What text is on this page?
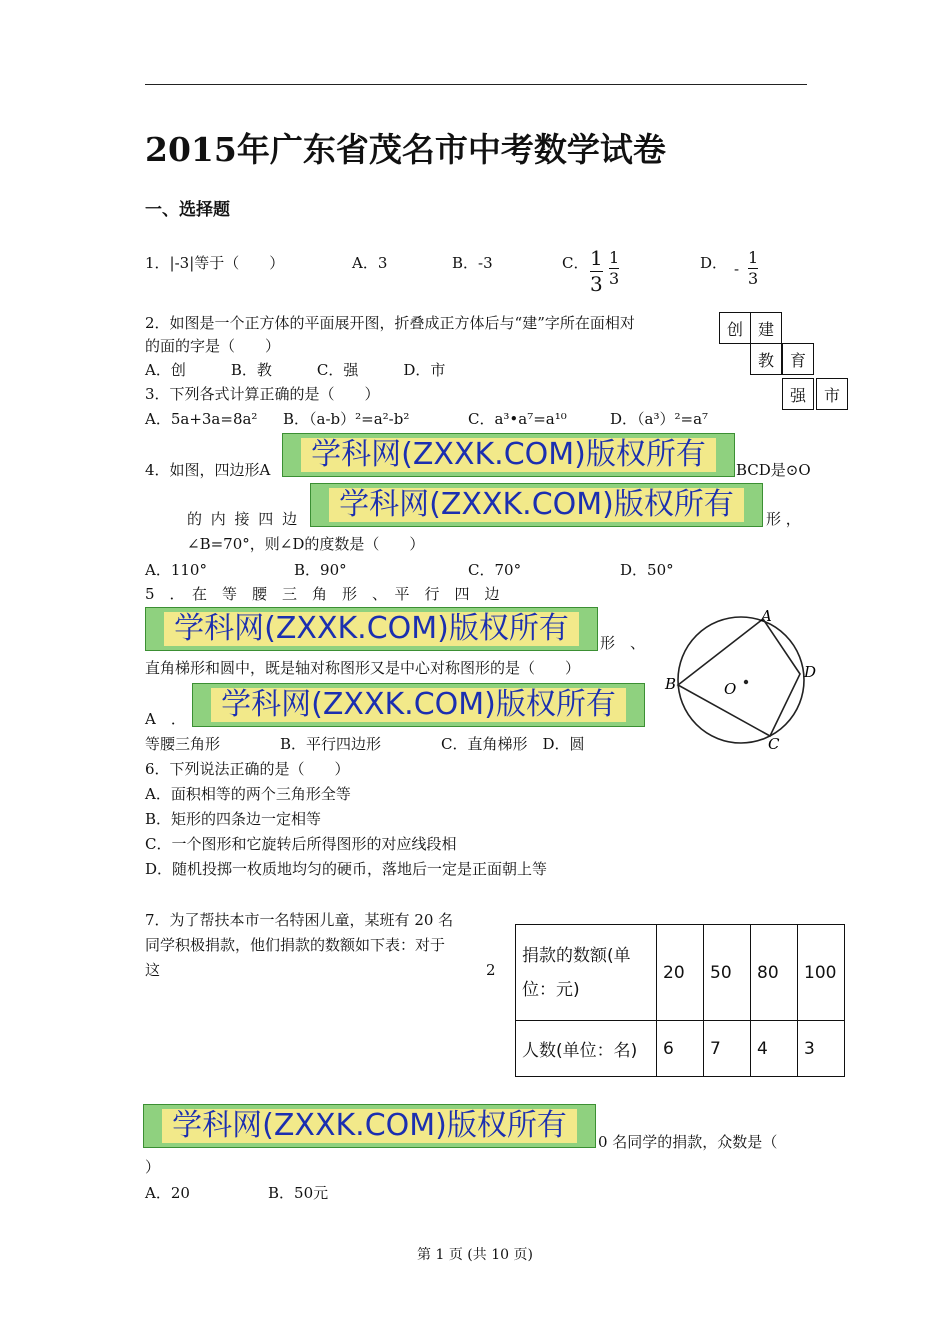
2015年广东省茂名市中考数学试卷
一、选择题
1．|-3|等于（　　）	A．3	B．-3	C． 1
3
1
3
D． -
1
3
2．如图是一个正方体的平面展开图，折叠成正方体后与“建”字所在面相对
的面的字是（　　）
A．创　　　B．教　　　C．强　　　D．市
创 建
教 育
强	市
3．下列各式计算正确的是（　　）
A．5a+3a=8a² B．（a-b）²=a²-b²	C．a³•a⁷=a¹⁰	D．（a³）²=a⁷
4．如图，四边形A	BCD是⊙O
的 内 接 四 边	形 ，
∠B=70°，则∠D的度数是（　　）
A．110°	B．90°	C．70°	D．50°
5　．　在　等　腰　三　角　形　、　平　行　四　边
形　、
直角梯形和圆中，既是轴对称图形又是中心对称图形的是（　　）
A　．
等腰三角形　　　　B．平行四边形　　　　C．直角梯形　D．圆
A
B
C
D
O
6．下列说法正确的是（　　）
A．面积相等的两个三角形全等
B．矩形的四条边一定相等
C．一个图形和它旋转后所得图形的对应线段相
D．随机投掷一枚质地均匀的硬币，落地后一定是正面朝上等
7．为了帮扶本市一名特困儿童，某班有 20 名
同学积极捐款，他们捐款的数额如下表：对于
这	2
0 名同学的捐款，众数是（
）
A．20	B．50元
捐款的数额(单
位：元)	20	50	80	100
人数(单位：名)	6	7	4	3
学科网(ZXXK.COM)版权所有
学科网(ZXXK.COM)版权所有
学科网(ZXXK.COM)版权所有
学科网(ZXXK.COM)版权所有
学科网(ZXXK.COM)版权所有
第 1 页 (共 10 页)
